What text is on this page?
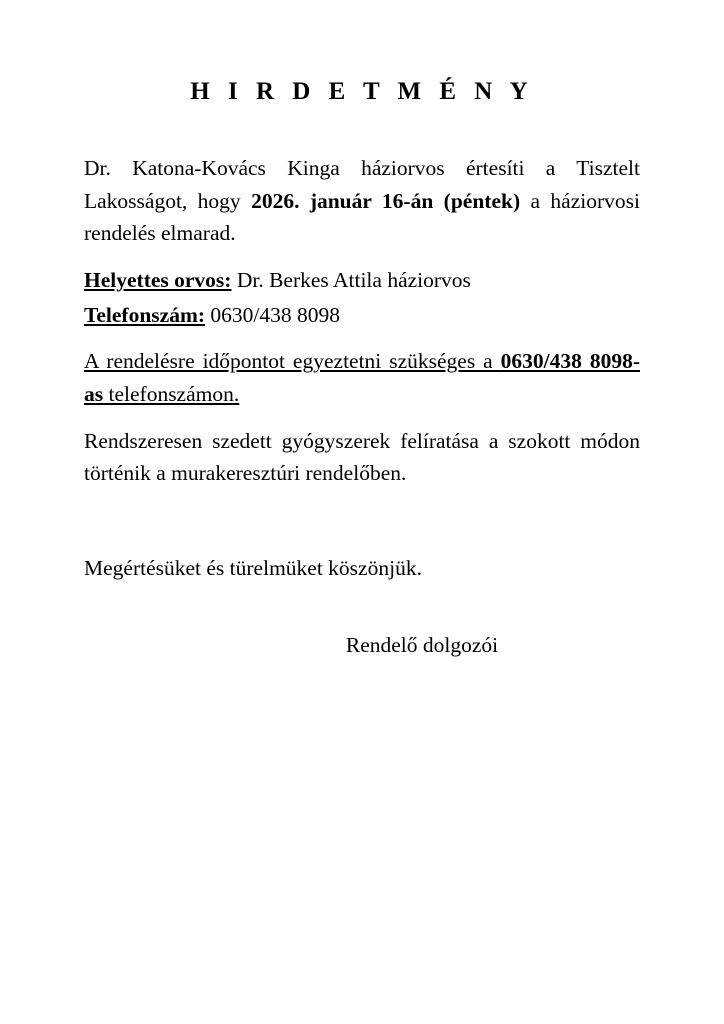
H I R D E T M É N Y

Dr. Katona-Kovács Kinga háziorvos értesíti a Tisztelt Lakosságot, hogy 2026. január 16-án (péntek) a háziorvosi rendelés elmarad.

Helyettes orvos: Dr. Berkes Attila háziorvos

Telefonszám: 0630/438 8098

A rendelésre időpontot egyeztetni szükséges a 0630/438 8098-as telefonszámon.

Rendszeresen szedett gyógyszerek felíratása a szokott módon történik a murakeresztúri rendelőben.

Megértésüket és türelmüket köszönjük.

Rendelő dolgozói
